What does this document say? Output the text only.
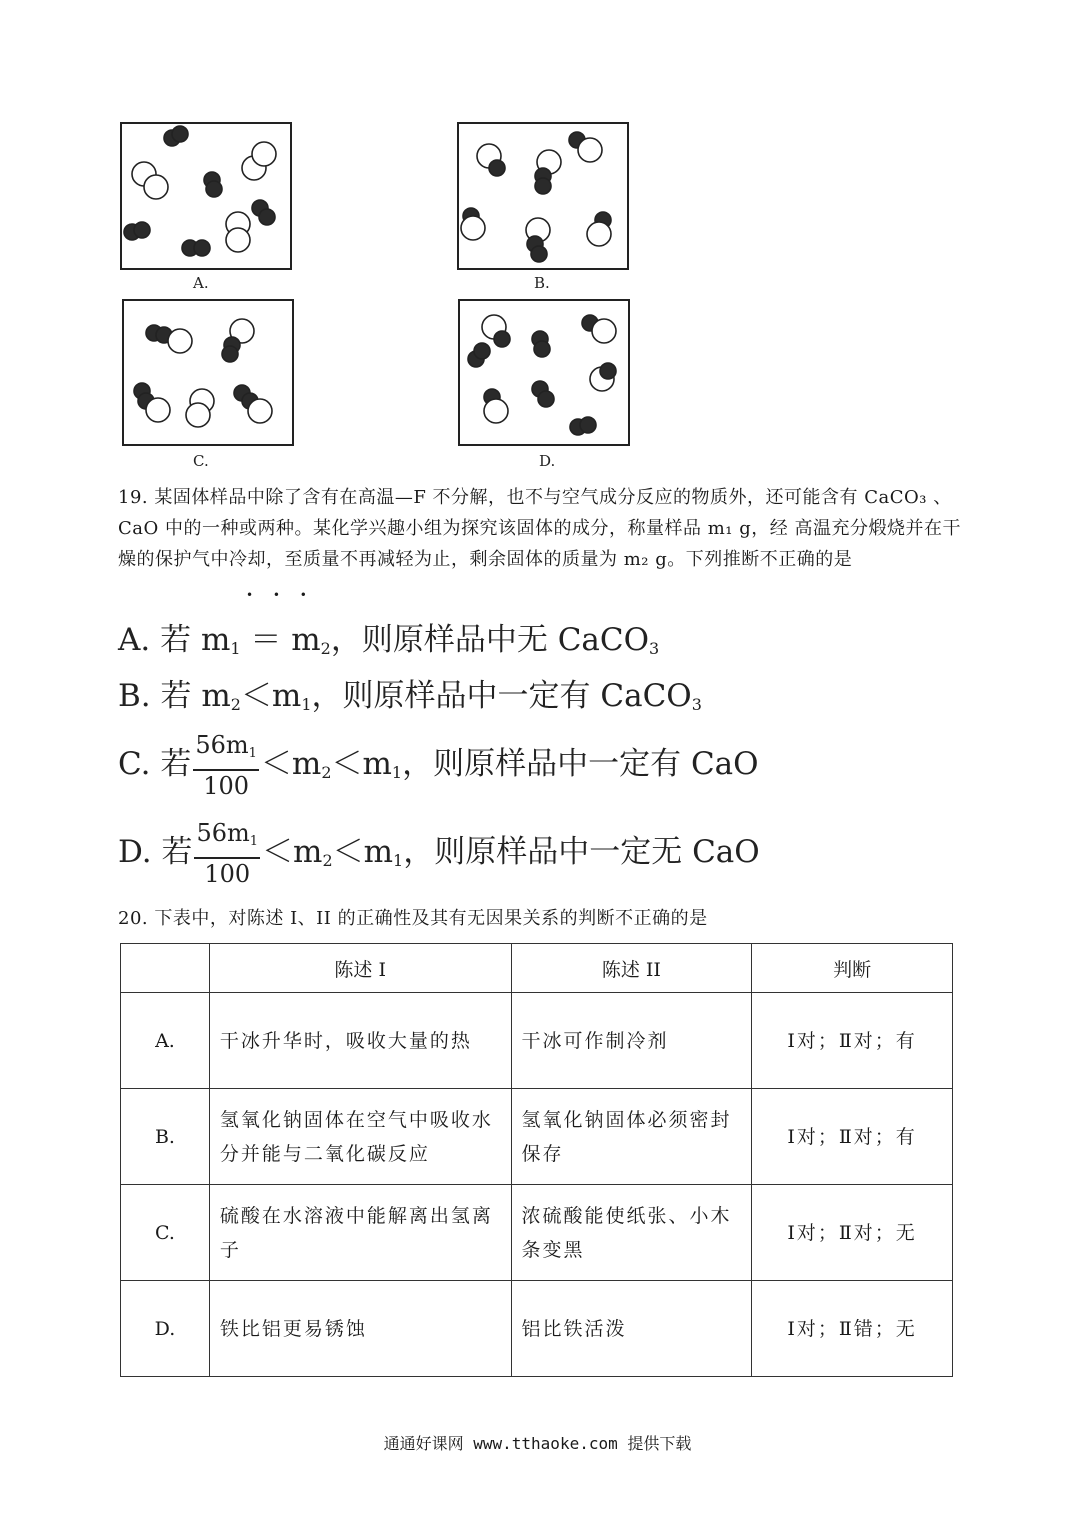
A.	B.
C.	D.
19. 某固体样品中除了含有在高温—F 不分解，也不与空气成分反应的物质外，还可能含有 CaCO₃ 、CaO 中的一种或两种。某化学兴趣小组为探究该固体的成分，称量样品 m₁ g，经 高温充分煅烧并在干燥的保护气中冷却，至质量不再减轻为止，剩余固体的质量为 m₂ g。下列推断不正确的是
• • •
A. 若 $m_1 = m_2$，则原样品中无 CaCO$_3$
B. 若 $m_2<m_1$，则原样品中一定有 CaCO$_3$
C. 若 $\frac{56m_1}{100} <m_2<m_1$，则原样品中一定有 CaO
D. 若 $\frac{56m_1}{100} <m_2<m_1$，则原样品中一定无 CaO
20. 下表中，对陈述 I、II 的正确性及其有无因果关系的判断不正确的是
	陈述 I	陈述 II	判断
A.	干冰升华时，吸收大量的热	干冰可作制冷剂	Ⅰ对；Ⅱ对；有
B.	氢氧化钠固体在空气中吸收水分并能与二氧化碳反应	氢氧化钠固体必须密封保存	Ⅰ对；Ⅱ对；有
C.	硫酸在水溶液中能解离出氢离子	浓硫酸能使纸张、小木条变黑	Ⅰ对；Ⅱ对；无
D.	铁比铝更易锈蚀	铝比铁活泼	Ⅰ对；Ⅱ错；无
通通好课网 www.tthaoke.com 提供下载
